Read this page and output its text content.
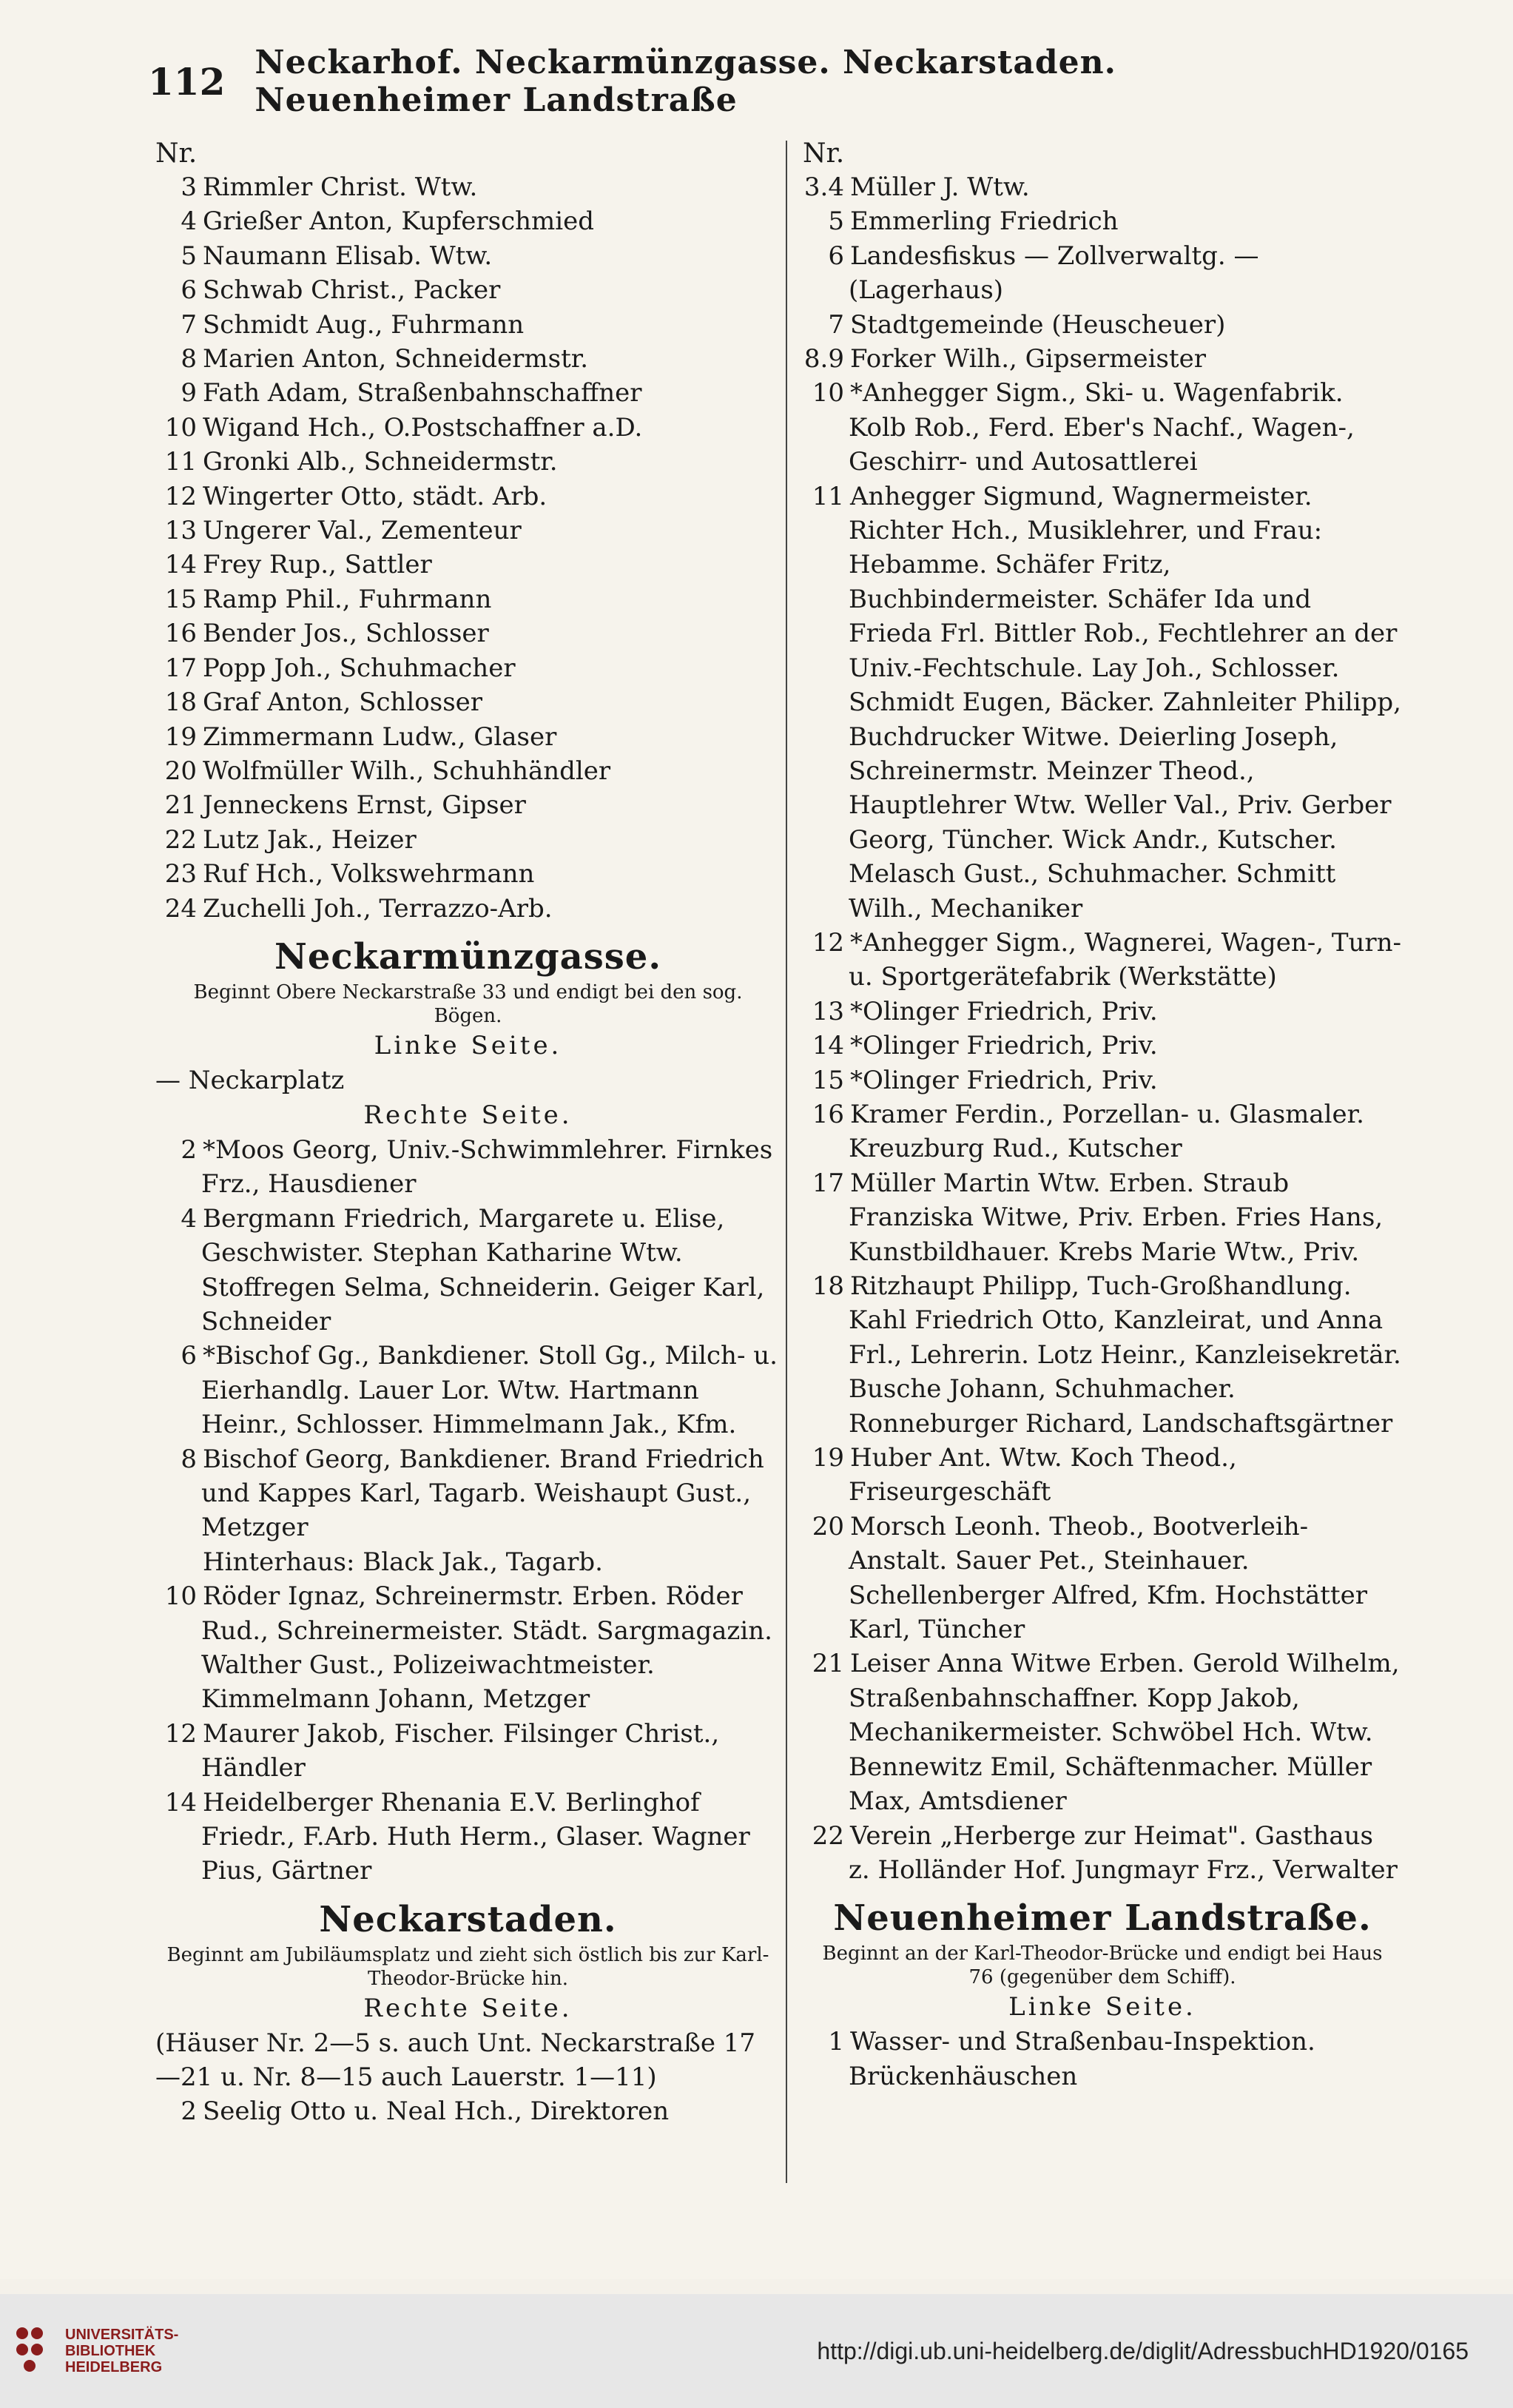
112 Neckarhof. Neckarmünzgasse. Neckarstaden. Neuenheimer Landstraße
Nr.
3 Rimmler Christ. Wtw.
4 Grießer Anton, Kupferschmied
5 Naumann Elisab. Wtw.
6 Schwab Christ., Packer
7 Schmidt Aug., Fuhrmann
8 Marien Anton, Schneidermstr.
9 Fath Adam, Straßenbahnschaffner
10 Wigand Hch., O.Postschaffner a.D.
11 Gronki Alb., Schneidermstr.
12 Wingerter Otto, städt. Arb.
13 Ungerer Val., Zementeur
14 Frey Rup., Sattler
15 Ramp Phil., Fuhrmann
16 Bender Jos., Schlosser
17 Popp Joh., Schuhmacher
18 Graf Anton, Schlosser
19 Zimmermann Ludw., Glaser
20 Wolfmüller Wilh., Schuhhändler
21 Jenneckens Ernst, Gipser
22 Lutz Jak., Heizer
23 Ruf Hch., Volkswehrmann
24 Zuchelli Joh., Terrazzo-Arb.
Neckarmünzgasse.
Beginnt Obere Neckarstraße 33 und endigt bei den sog. Bögen.
Linke Seite.
— Neckarplatz
Rechte Seite.
2 *Moos Georg, Univ.-Schwimmlehrer. Firnkes Frz., Hausdiener
4 Bergmann Friedrich, Margarete u. Elise, Geschwister. Stephan Katharine Wtw. Stoffregen Selma, Schneiderin. Geiger Karl, Schneider
6 *Bischof Gg., Bankdiener. Stoll Gg., Milch- u. Eierhandlg. Lauer Lor. Wtw. Hartmann Heinr., Schlosser. Himmelmann Jak., Kfm.
8 Bischof Georg, Bankdiener. Brand Friedrich und Kappes Karl, Tagarb. Weishaupt Gust., Metzger
Hinterhaus: Black Jak., Tagarb.
10 Röder Ignaz, Schreinermstr. Erben. Röder Rud., Schreinermeister. Städt. Sargmagazin. Walther Gust., Polizeiwachtmeister. Kimmelmann Johann, Metzger
12 Maurer Jakob, Fischer. Filsinger Christ., Händler
14 Heidelberger Rhenania E.V. Berlinghof Friedr., F.Arb. Huth Herm., Glaser. Wagner Pius, Gärtner
Neckarstaden.
Beginnt am Jubiläumsplatz und zieht sich östlich bis zur Karl-Theodor-Brücke hin.
Rechte Seite.
(Häuser Nr. 2—5 s. auch Unt. Neckarstraße 17—21 u. Nr. 8—15 auch Lauerstr. 1—11)
2 Seelig Otto u. Neal Hch., Direktoren
Nr.
3.4 Müller J. Wtw.
5 Emmerling Friedrich
6 Landesfiskus — Zollverwaltg. — (Lagerhaus)
7 Stadtgemeinde (Heuscheuer)
8.9 Forker Wilh., Gipsermeister
10 *Anhegger Sigm., Ski- u. Wagenfabrik. Kolb Rob., Ferd. Eber's Nachf., Wagen-, Geschirr- und Autosattlerei
11 Anhegger Sigmund, Wagnermeister. Richter Hch., Musiklehrer, und Frau: Hebamme. Schäfer Fritz, Buchbindermeister. Schäfer Ida und Frieda Frl. Bittler Rob., Fechtlehrer an der Univ.-Fechtschule. Lay Joh., Schlosser. Schmidt Eugen, Bäcker. Zahnleiter Philipp, Buchdrucker Witwe. Deierling Joseph, Schreinermstr. Meinzer Theod., Hauptlehrer Wtw. Weller Val., Priv. Gerber Georg, Tüncher. Wick Andr., Kutscher. Melasch Gust., Schuhmacher. Schmitt Wilh., Mechaniker
12 *Anhegger Sigm., Wagnerei, Wagen-, Turn- u. Sportgerätefabrik (Werkstätte)
13 *Olinger Friedrich, Priv.
14 *Olinger Friedrich, Priv.
15 *Olinger Friedrich, Priv.
16 Kramer Ferdin., Porzellan- u. Glasmaler. Kreuzburg Rud., Kutscher
17 Müller Martin Wtw. Erben. Straub Franziska Witwe, Priv. Erben. Fries Hans, Kunstbildhauer. Krebs Marie Wtw., Priv.
18 Ritzhaupt Philipp, Tuch-Großhandlung. Kahl Friedrich Otto, Kanzleirat, und Anna Frl., Lehrerin. Lotz Heinr., Kanzleisekretär. Busche Johann, Schuhmacher. Ronneburger Richard, Landschaftsgärtner
19 Huber Ant. Wtw. Koch Theod., Friseurgeschäft
20 Morsch Leonh. Theob., Bootverleih-Anstalt. Sauer Pet., Steinhauer. Schellenberger Alfred, Kfm. Hochstätter Karl, Tüncher
21 Leiser Anna Witwe Erben. Gerold Wilhelm, Straßenbahnschaffner. Kopp Jakob, Mechanikermeister. Schwöbel Hch. Wtw. Bennewitz Emil, Schäftenmacher. Müller Max, Amtsdiener
22 Verein „Herberge zur Heimat". Gasthaus z. Holländer Hof. Jungmayr Frz., Verwalter
Neuenheimer Landstraße.
Beginnt an der Karl-Theodor-Brücke und endigt bei Haus 76 (gegenüber dem Schiff).
Linke Seite.
1 Wasser- und Straßenbau-Inspektion. Brückenhäuschen
UNIVERSITÄTS-
BIBLIOTHEK
HEIDELBERG
http://digi.ub.uni-heidelberg.de/diglit/AdressbuchHD1920/0165
